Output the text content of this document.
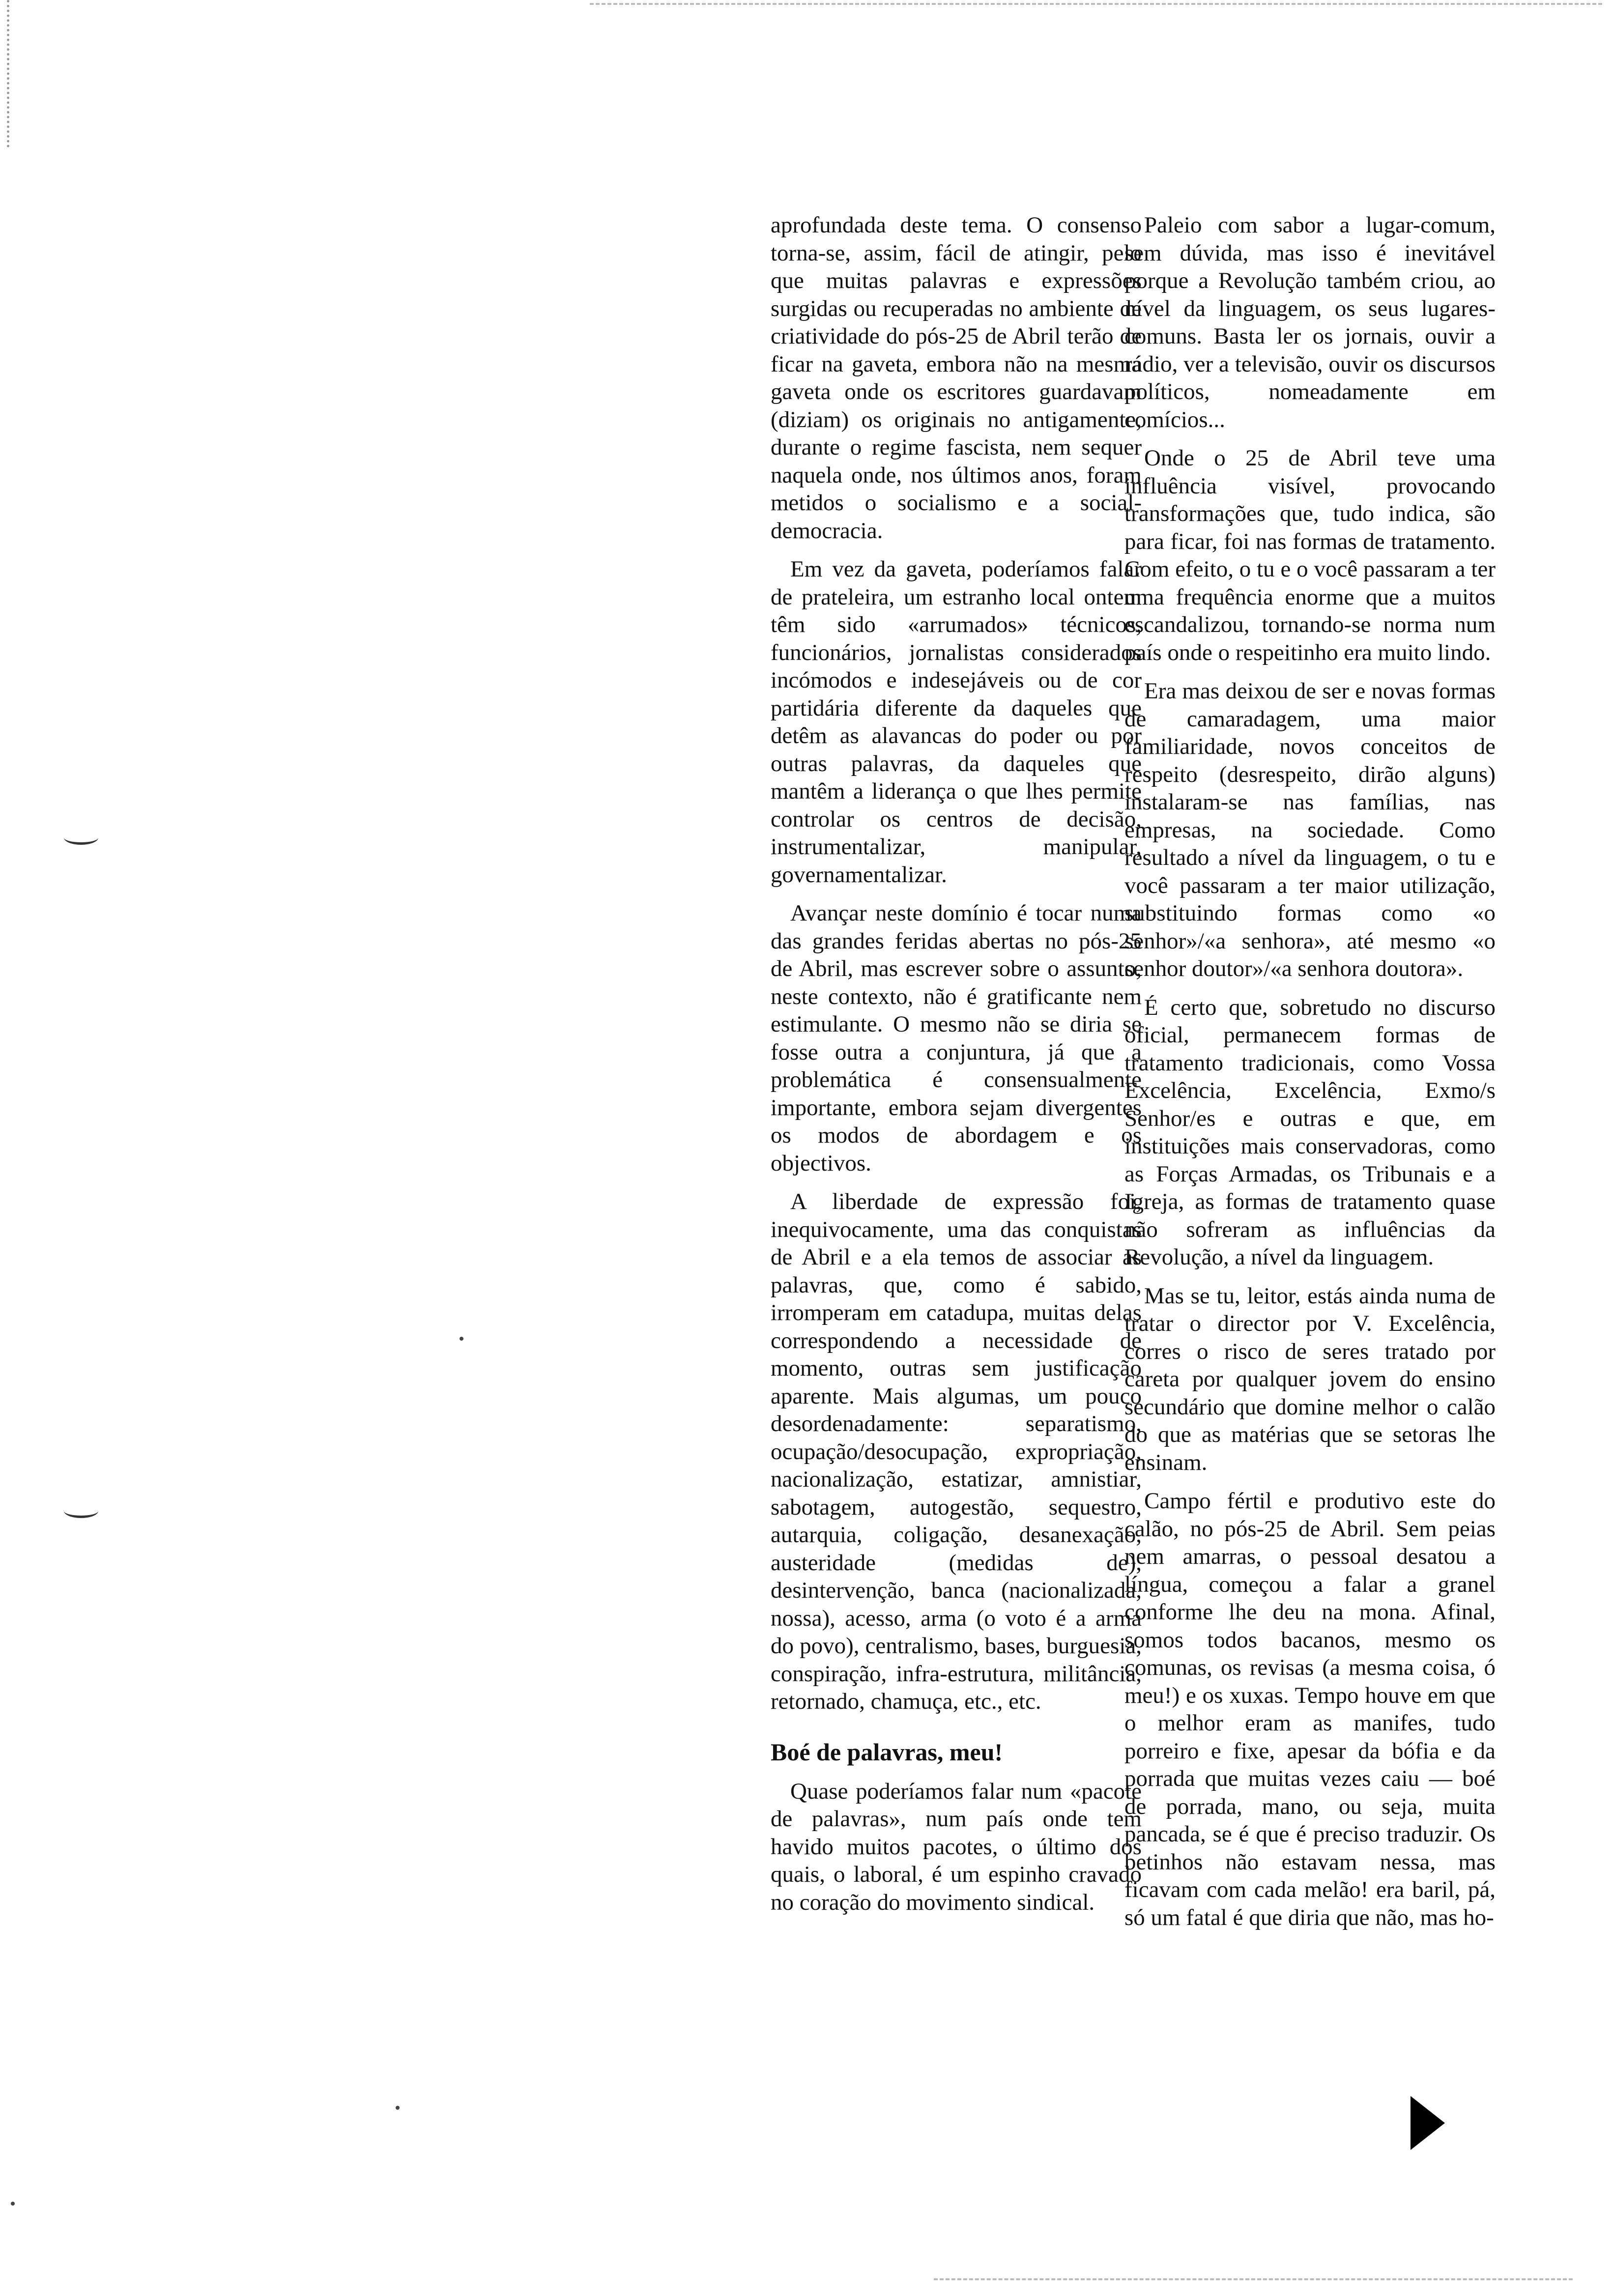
aprofundada deste tema. O consenso torna-se, assim, fácil de atingir, pelo que muitas palavras e expressões surgidas ou recuperadas no ambiente de criatividade do pós-25 de Abril terão de ficar na gaveta, embora não na mesma gaveta onde os escritores guardavam (diziam) os originais no antigamente, durante o regime fascista, nem sequer naquela onde, nos últimos anos, foram metidos o socialismo e a social-democracia.

Em vez da gaveta, poderíamos falar de prateleira, um estranho local ontem têm sido «arrumados» técnicos, funcionários, jornalistas considerados incómodos e indesejáveis ou de cor partidária diferente da daqueles que detêm as alavancas do poder ou por outras palavras, da daqueles que mantêm a liderança o que lhes permite controlar os centros de decisão, instrumentalizar, manipular, governamentalizar.

Avançar neste domínio é tocar numa das grandes feridas abertas no pós-25 de Abril, mas escrever sobre o assunto, neste contexto, não é gratificante nem estimulante. O mesmo não se diria se fosse outra a conjuntura, já que a problemática é consensualmente importante, embora sejam divergentes os modos de abordagem e os objectivos.

A liberdade de expressão foi, inequivocamente, uma das conquistas de Abril e a ela temos de associar as palavras, que, como é sabido, irromperam em catadupa, muitas delas correspondendo a necessidade de momento, outras sem justificação aparente. Mais algumas, um pouco desordenadamente: separatismo, ocupação/desocupação, expropriação, nacionalização, estatizar, amnistiar, sabotagem, autogestão, sequestro, autarquia, coligação, desanexação, austeridade (medidas de), desintervenção, banca (nacionalizada, nossa), acesso, arma (o voto é a arma do povo), centralismo, bases, burguesia, conspiração, infra-estrutura, militância, retornado, chamuça, etc., etc.

Boé de palavras, meu!

Quase poderíamos falar num «pacote de palavras», num país onde tem havido muitos pacotes, o último dos quais, o laboral, é um espinho cravado no coração do movimento sindical.

Paleio com sabor a lugar-comum, sem dúvida, mas isso é inevitável porque a Revolução também criou, ao nível da linguagem, os seus lugares-comuns. Basta ler os jornais, ouvir a rádio, ver a televisão, ouvir os discursos políticos, nomeadamente em comícios...

Onde o 25 de Abril teve uma influência visível, provocando transformações que, tudo indica, são para ficar, foi nas formas de tratamento. Com efeito, o tu e o você passaram a ter uma frequência enorme que a muitos escandalizou, tornando-se norma num país onde o respeitinho era muito lindo.

Era mas deixou de ser e novas formas de camaradagem, uma maior familiaridade, novos conceitos de respeito (desrespeito, dirão alguns) instalaram-se nas famílias, nas empresas, na sociedade. Como resultado a nível da linguagem, o tu e você passaram a ter maior utilização, substituindo formas como «o senhor»/«a senhora», até mesmo «o senhor doutor»/«a senhora doutora».

É certo que, sobretudo no discurso oficial, permanecem formas de tratamento tradicionais, como Vossa Excelência, Excelência, Exmo/s Senhor/es e outras e que, em instituições mais conservadoras, como as Forças Armadas, os Tribunais e a Igreja, as formas de tratamento quase não sofreram as influências da Revolução, a nível da linguagem.

Mas se tu, leitor, estás ainda numa de tratar o director por V. Excelência, corres o risco de seres tratado por careta por qualquer jovem do ensino secundário que domine melhor o calão do que as matérias que se setoras lhe ensinam.

Campo fértil e produtivo este do calão, no pós-25 de Abril. Sem peias nem amarras, o pessoal desatou a língua, começou a falar a granel conforme lhe deu na mona. Afinal, somos todos bacanos, mesmo os comunas, os revisas (a mesma coisa, ó meu!) e os xuxas. Tempo houve em que o melhor eram as manifes, tudo porreiro e fixe, apesar da bófia e da porrada que muitas vezes caiu — boé de porrada, mano, ou seja, muita pancada, se é que é preciso traduzir. Os betinhos não estavam nessa, mas ficavam com cada melão! era baril, pá, só um fatal é que diria que não, mas ho-
